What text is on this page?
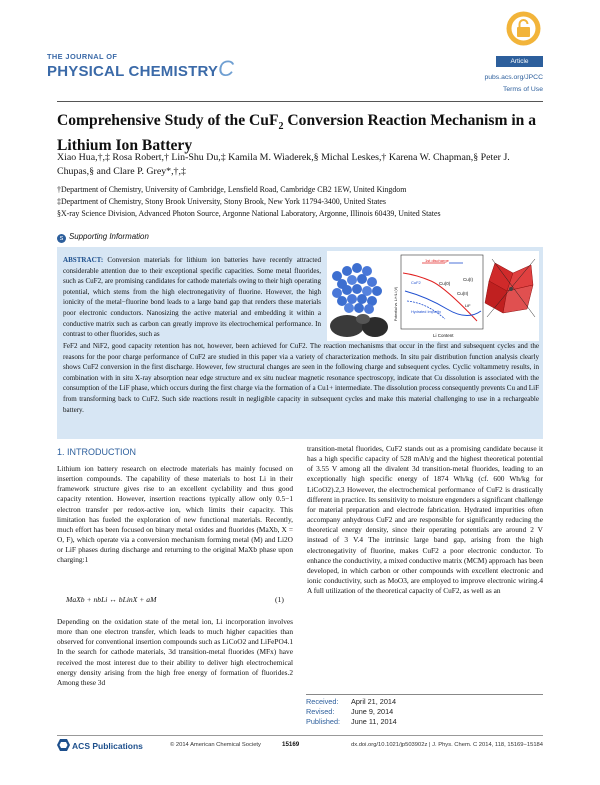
THE JOURNAL OF
PHYSICAL CHEMISTRYC	Article
pubs.acs.org/JPCC
Terms of Use
Comprehensive Study of the CuF$_2$ Conversion Reaction Mechanism in a Lithium Ion Battery
Xiao Hua,†,‡ Rosa Robert,† Lin-Shu Du,‡ Kamila M. Wiaderek,§ Michal Leskes,† Karena W. Chapman,§ Peter J. Chupas,§ and Clare P. Grey*,†,‡
†Department of Chemistry, University of Cambridge, Lensfield Road, Cambridge CB2 1EW, United Kingdom
‡Department of Chemistry, Stony Brook University, Stony Brook, New York 11794-3400, United States
§X-ray Science Division, Advanced Photon Source, Argonne National Laboratory, Argonne, Illinois 60439, United States
s Supporting Information
ABSTRACT: Conversion materials for lithium ion batteries have recently attracted considerable attention due to their exceptional specific capacities. Some metal fluorides, such as CuF2, are promising candidates for cathode materials owing to their high operating potential, which stems from the high electronegativity of fluorine. However, the high ionicity of the metal−fluorine bond leads to a large band gap that renders these materials poor electronic conductors. Nanosizing the active material and embedding it within a conductive matrix such as carbon can greatly improve its electrochemical performance. In contrast to other fluorides, such as
1st discharge
Cu(I)
Cu(II)
Cu(0)
CuF2
LiF
Hydrated Impurity
Li Content
Potential vs. Li+/Li (V)
FeF2 and NiF2, good capacity retention has not, however, been achieved for CuF2. The reaction mechanisms that occur in the first and subsequent cycles and the reasons for the poor charge performance of CuF2 are studied in this paper via a variety of characterization methods. In situ pair distribution function analysis clearly shows CuF2 conversion in the first discharge. However, few structural changes are seen in the following charge and subsequent cycles. Cyclic voltammetry results, in combination with in situ X-ray absorption near edge structure and ex situ nuclear magnetic resonance spectroscopy, indicate that Cu dissolution is associated with the consumption of the LiF phase, which occurs during the first charge via the formation of a Cu1+ intermediate. The dissolution process consequently prevents Cu and LiF from transforming back to CuF2. Such side reactions result in negligible capacity in subsequent cycles and make this material challenging to use in a rechargeable battery.
1. INTRODUCTION
Lithium ion battery research on electrode materials has mainly focused on insertion compounds. The capability of these materials to host Li in their framework structure gives rise to an excellent cyclability and thus good capacity retention. However, insertion reactions typically allow only 0.5−1 electron transfer per redox-active ion, which limits their capacity. This limitation has fueled the exploration of new functional materials. Recently, much effort has been focused on binary metal oxides and fluorides (MaXb, X = O, F), which operate via a conversion mechanism forming metal (M) and Li2O or LiF phases during discharge and returning to the original MaXb phase upon charging:1
MaXb + nbLi ↔ bLinX + aM	(1)
Depending on the oxidation state of the metal ion, Li incorporation involves more than one electron transfer, which leads to much higher capacities than observed for conventional insertion compounds such as LiCoO2 and LiFePO4.1 In the search for cathode materials, 3d transition-metal fluorides (MFx) have received the most interest due to their ability to deliver high electrochemical energy density arising from the high free energy of formation of fluorides.2 Among these 3d
transition-metal fluorides, CuF2 stands out as a promising candidate because it has a high specific capacity of 528 mAh/g and the highest theoretical potential of 3.55 V among all the divalent 3d transition-metal fluorides, leading to an exceptionally high specific energy of 1874 Wh/kg (cf. 600 Wh/kg for LiCoO2).2,3 However, the electrochemical performance of CuF2 is drastically different in practice. Its sensitivity to moisture engenders a significant challenge for material preparation and electrode fabrication. Hydrated impurities often accompany anhydrous CuF2 and are responsible for significantly reducing the theoretical energy density, since their operating potentials are around 2 V instead of 3 V.4 The intrinsic large band gap, arising from the high electronegativity of fluorine, makes CuF2 a poor electronic conductor. To enhance the conductivity, a mixed conductive matrix (MCM) approach has been developed, in which carbon or other compounds with excellent electronic and ionic conductivity, such as MoO3, are employed to improve electronic wiring.4 A full utilization of the theoretical capacity of CuF2, as well as an
Received: April 21, 2014
Revised: June 9, 2014
Published: June 11, 2014
ACS Publications	© 2014 American Chemical Society	15169	dx.doi.org/10.1021/jp503902z | J. Phys. Chem. C 2014, 118, 15169−15184
